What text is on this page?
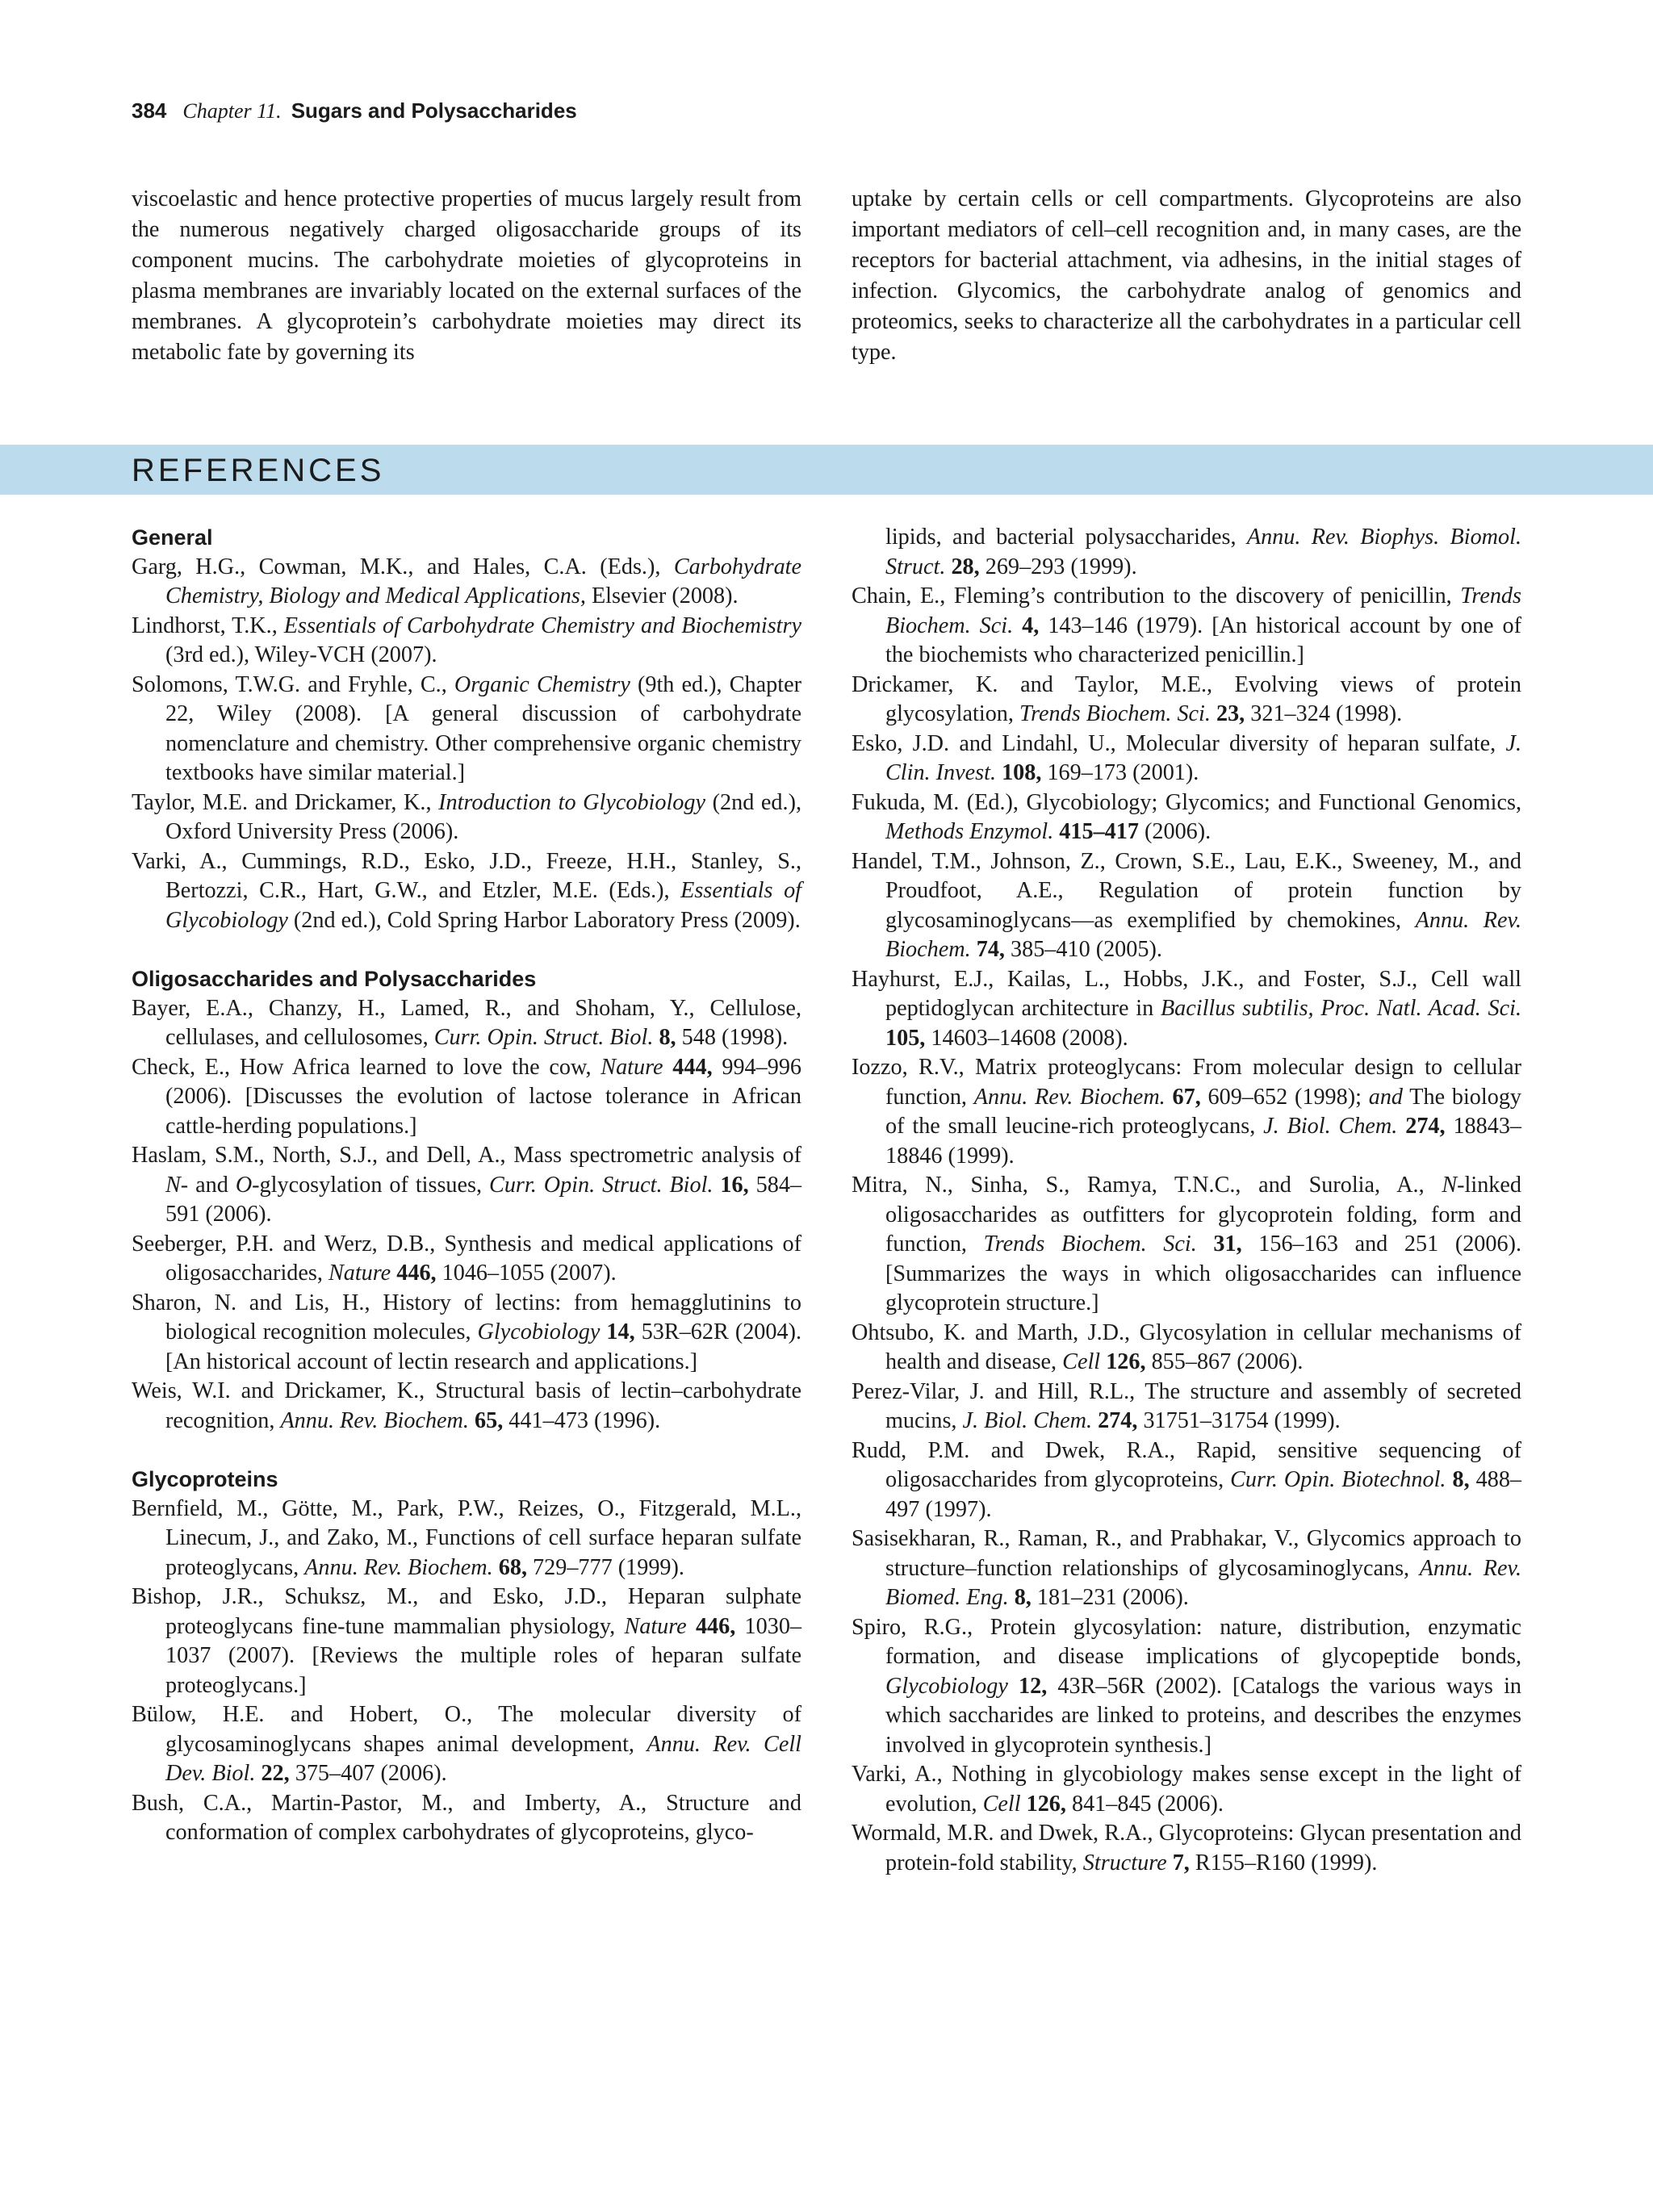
384 Chapter 11. Sugars and Polysaccharides

viscoelastic and hence protective properties of mucus largely result from the numerous negatively charged oligosaccharide groups of its component mucins. The carbohydrate moieties of glycoproteins in plasma membranes are invariably located on the external surfaces of the membranes. A glycoprotein’s carbohydrate moieties may direct its metabolic fate by governing its

uptake by certain cells or cell compartments. Glycoproteins are also important mediators of cell–cell recognition and, in many cases, are the receptors for bacterial attachment, via adhesins, in the initial stages of infection. Glycomics, the carbohydrate analog of genomics and proteomics, seeks to characterize all the carbohydrates in a particular cell type.

REFERENCES

General

Garg, H.G., Cowman, M.K., and Hales, C.A. (Eds.), Carbohydrate Chemistry, Biology and Medical Applications, Elsevier (2008).

Lindhorst, T.K., Essentials of Carbohydrate Chemistry and Biochemistry (3rd ed.), Wiley-VCH (2007).

Solomons, T.W.G. and Fryhle, C., Organic Chemistry (9th ed.), Chapter 22, Wiley (2008). [A general discussion of carbohydrate nomenclature and chemistry. Other comprehensive organic chemistry textbooks have similar material.]

Taylor, M.E. and Drickamer, K., Introduction to Glycobiology (2nd ed.), Oxford University Press (2006).

Varki, A., Cummings, R.D., Esko, J.D., Freeze, H.H., Stanley, S., Bertozzi, C.R., Hart, G.W., and Etzler, M.E. (Eds.), Essentials of Glycobiology (2nd ed.), Cold Spring Harbor Laboratory Press (2009).

Oligosaccharides and Polysaccharides

Bayer, E.A., Chanzy, H., Lamed, R., and Shoham, Y., Cellulose, cellulases, and cellulosomes, Curr. Opin. Struct. Biol. 8, 548 (1998).

Check, E., How Africa learned to love the cow, Nature 444, 994–996 (2006). [Discusses the evolution of lactose tolerance in African cattle-herding populations.]

Haslam, S.M., North, S.J., and Dell, A., Mass spectrometric analysis of N- and O-glycosylation of tissues, Curr. Opin. Struct. Biol. 16, 584–591 (2006).

Seeberger, P.H. and Werz, D.B., Synthesis and medical applications of oligosaccharides, Nature 446, 1046–1055 (2007).

Sharon, N. and Lis, H., History of lectins: from hemagglutinins to biological recognition molecules, Glycobiology 14, 53R–62R (2004). [An historical account of lectin research and applications.]

Weis, W.I. and Drickamer, K., Structural basis of lectin–carbohydrate recognition, Annu. Rev. Biochem. 65, 441–473 (1996).

Glycoproteins

Bernfield, M., Götte, M., Park, P.W., Reizes, O., Fitzgerald, M.L., Linecum, J., and Zako, M., Functions of cell surface heparan sulfate proteoglycans, Annu. Rev. Biochem. 68, 729–777 (1999).

Bishop, J.R., Schuksz, M., and Esko, J.D., Heparan sulphate proteoglycans fine-tune mammalian physiology, Nature 446, 1030–1037 (2007). [Reviews the multiple roles of heparan sulfate proteoglycans.]

Bülow, H.E. and Hobert, O., The molecular diversity of glycosaminoglycans shapes animal development, Annu. Rev. Cell Dev. Biol. 22, 375–407 (2006).

Bush, C.A., Martin-Pastor, M., and Imberty, A., Structure and conformation of complex carbohydrates of glycoproteins, glyco-

lipids, and bacterial polysaccharides, Annu. Rev. Biophys. Biomol. Struct. 28, 269–293 (1999).

Chain, E., Fleming’s contribution to the discovery of penicillin, Trends Biochem. Sci. 4, 143–146 (1979). [An historical account by one of the biochemists who characterized penicillin.]

Drickamer, K. and Taylor, M.E., Evolving views of protein glycosylation, Trends Biochem. Sci. 23, 321–324 (1998).

Esko, J.D. and Lindahl, U., Molecular diversity of heparan sulfate, J. Clin. Invest. 108, 169–173 (2001).

Fukuda, M. (Ed.), Glycobiology; Glycomics; and Functional Genomics, Methods Enzymol. 415–417 (2006).

Handel, T.M., Johnson, Z., Crown, S.E., Lau, E.K., Sweeney, M., and Proudfoot, A.E., Regulation of protein function by glycosaminoglycans—as exemplified by chemokines, Annu. Rev. Biochem. 74, 385–410 (2005).

Hayhurst, E.J., Kailas, L., Hobbs, J.K., and Foster, S.J., Cell wall peptidoglycan architecture in Bacillus subtilis, Proc. Natl. Acad. Sci. 105, 14603–14608 (2008).

Iozzo, R.V., Matrix proteoglycans: From molecular design to cellular function, Annu. Rev. Biochem. 67, 609–652 (1998); and The biology of the small leucine-rich proteoglycans, J. Biol. Chem. 274, 18843–18846 (1999).

Mitra, N., Sinha, S., Ramya, T.N.C., and Surolia, A., N-linked oligosaccharides as outfitters for glycoprotein folding, form and function, Trends Biochem. Sci. 31, 156–163 and 251 (2006). [Summarizes the ways in which oligosaccharides can influence glycoprotein structure.]

Ohtsubo, K. and Marth, J.D., Glycosylation in cellular mechanisms of health and disease, Cell 126, 855–867 (2006).

Perez-Vilar, J. and Hill, R.L., The structure and assembly of secreted mucins, J. Biol. Chem. 274, 31751–31754 (1999).

Rudd, P.M. and Dwek, R.A., Rapid, sensitive sequencing of oligosaccharides from glycoproteins, Curr. Opin. Biotechnol. 8, 488–497 (1997).

Sasisekharan, R., Raman, R., and Prabhakar, V., Glycomics approach to structure–function relationships of glycosaminoglycans, Annu. Rev. Biomed. Eng. 8, 181–231 (2006).

Spiro, R.G., Protein glycosylation: nature, distribution, enzymatic formation, and disease implications of glycopeptide bonds, Glycobiology 12, 43R–56R (2002). [Catalogs the various ways in which saccharides are linked to proteins, and describes the enzymes involved in glycoprotein synthesis.]

Varki, A., Nothing in glycobiology makes sense except in the light of evolution, Cell 126, 841–845 (2006).

Wormald, M.R. and Dwek, R.A., Glycoproteins: Glycan presentation and protein-fold stability, Structure 7, R155–R160 (1999).
